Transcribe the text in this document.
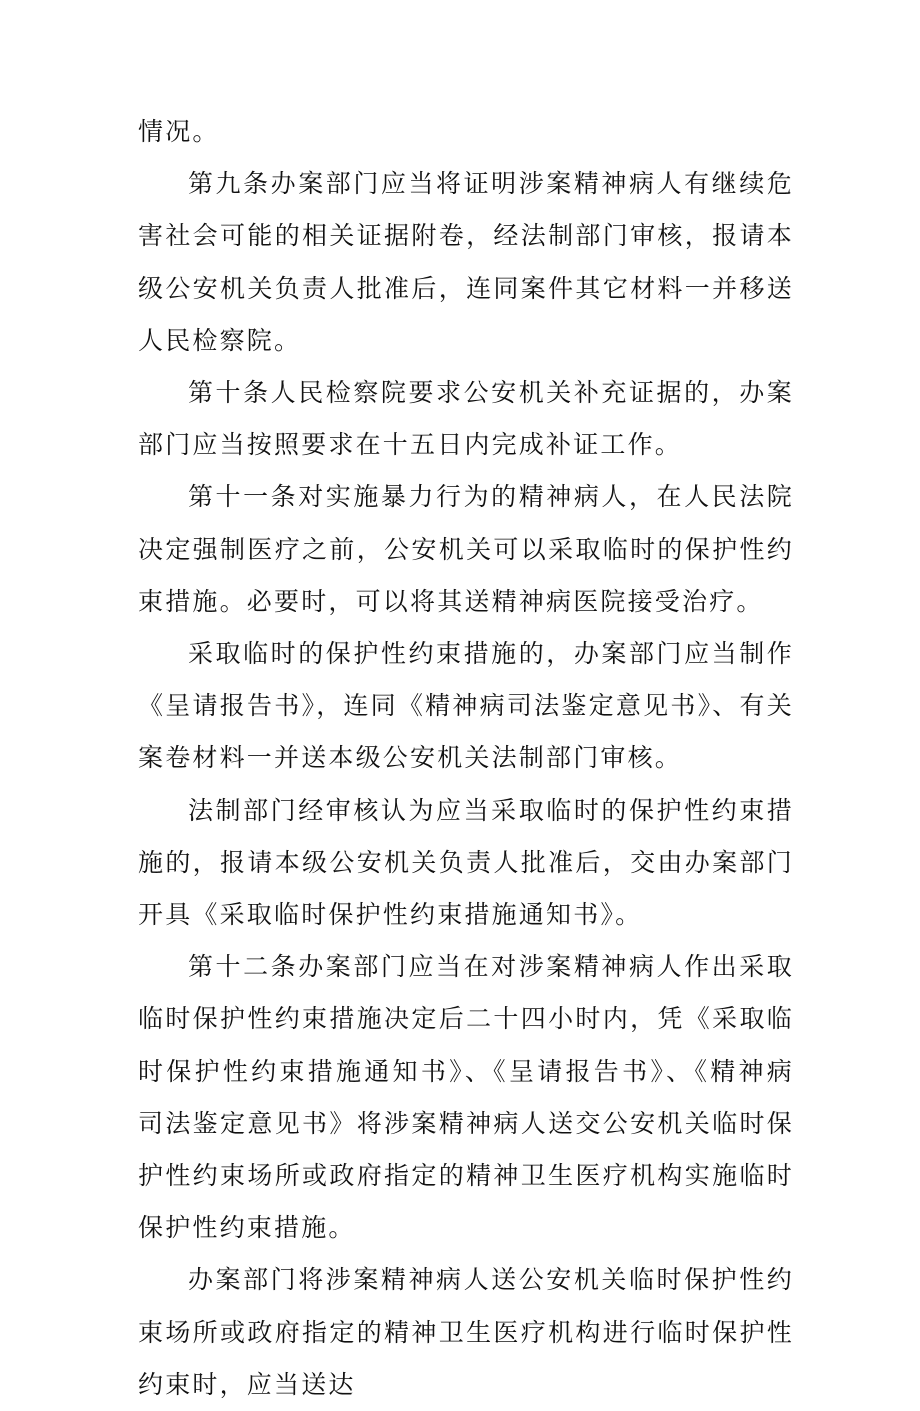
情况。

第九条办案部门应当将证明涉案精神病人有继续危害社会可能的相关证据附卷，经法制部门审核，报请本级公安机关负责人批准后，连同案件其它材料一并移送人民检察院。

第十条人民检察院要求公安机关补充证据的，办案部门应当按照要求在十五日内完成补证工作。

第十一条对实施暴力行为的精神病人，在人民法院决定强制医疗之前，公安机关可以采取临时的保护性约束措施。必要时，可以将其送精神病医院接受治疗。

采取临时的保护性约束措施的，办案部门应当制作《呈请报告书》，连同《精神病司法鉴定意见书》、有关案卷材料一并送本级公安机关法制部门审核。

法制部门经审核认为应当采取临时的保护性约束措施的，报请本级公安机关负责人批准后，交由办案部门开具《采取临时保护性约束措施通知书》。

第十二条办案部门应当在对涉案精神病人作出采取临时保护性约束措施决定后二十四小时内，凭《采取临时保护性约束措施通知书》、《呈请报告书》、《精神病司法鉴定意见书》将涉案精神病人送交公安机关临时保护性约束场所或政府指定的精神卫生医疗机构实施临时保护性约束措施。

办案部门将涉案精神病人送公安机关临时保护性约束场所或政府指定的精神卫生医疗机构进行临时保护性约束时，应当送达
